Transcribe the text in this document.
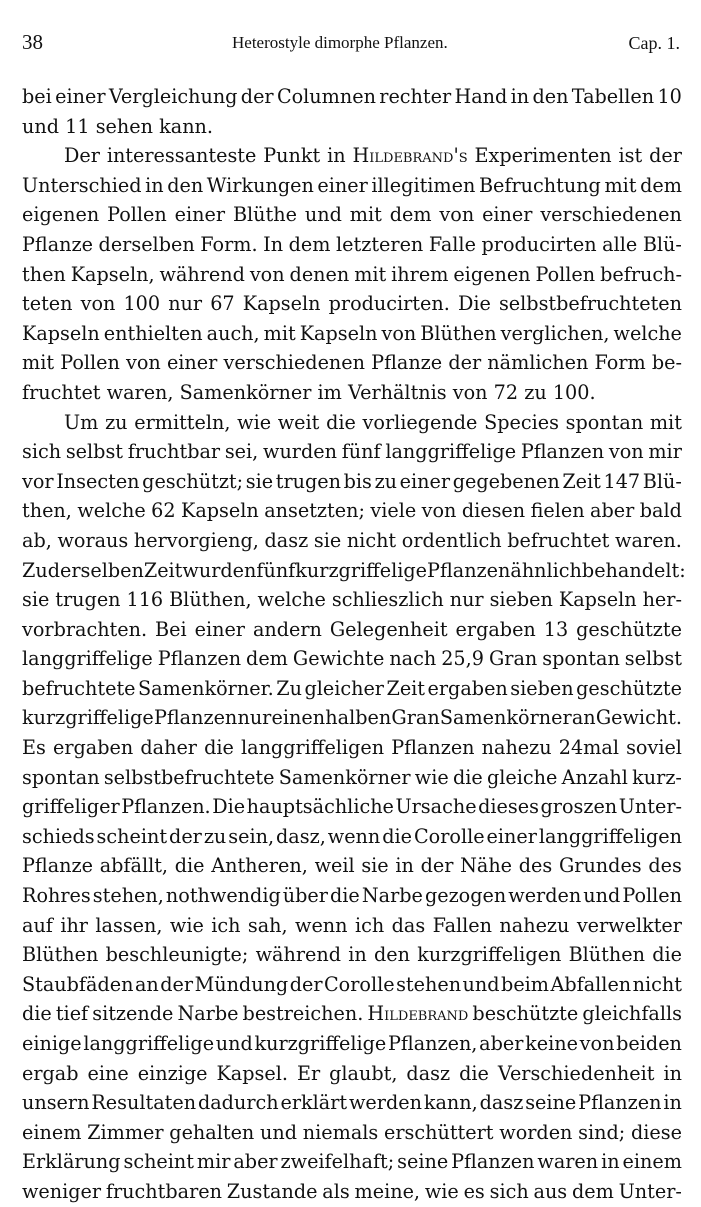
38	Heterostyle dimorphe Pflanzen.	Cap. 1.
bei einer Vergleichung der Columnen rechter Hand in den Tabellen 10
und 11 sehen kann.
Der interessanteste Punkt in Hildebrand's Experimenten ist der
Unterschied in den Wirkungen einer illegitimen Befruchtung mit dem
eigenen Pollen einer Blüthe und mit dem von einer verschiedenen
Pflanze derselben Form. In dem letzteren Falle producirten alle Blü-
then Kapseln, während von denen mit ihrem eigenen Pollen befruch-
teten von 100 nur 67 Kapseln producirten. Die selbstbefruchteten
Kapseln enthielten auch, mit Kapseln von Blüthen verglichen, welche
mit Pollen von einer verschiedenen Pflanze der nämlichen Form be-
fruchtet waren, Samenkörner im Verhältnis von 72 zu 100.
Um zu ermitteln, wie weit die vorliegende Species spontan mit
sich selbst fruchtbar sei, wurden fünf langgriffelige Pflanzen von mir
vor Insecten geschützt; sie trugen bis zu einer gegebenen Zeit 147 Blü-
then, welche 62 Kapseln ansetzten; viele von diesen fielen aber bald
ab, woraus hervorgieng, dasz sie nicht ordentlich befruchtet waren.
Zu derselben Zeit wurden fünf kurzgriffelige Pflanzen ähnlich behandelt:
sie trugen 116 Blüthen, welche schlieszlich nur sieben Kapseln her-
vorbrachten. Bei einer andern Gelegenheit ergaben 13 geschützte
langgriffelige Pflanzen dem Gewichte nach 25,9 Gran spontan selbst
befruchtete Samenkörner. Zu gleicher Zeit ergaben sieben geschützte
kurzgriffelige Pflanzen nur einen halben Gran Samenkörner an Gewicht.
Es ergaben daher die langgriffeligen Pflanzen nahezu 24mal soviel
spontan selbstbefruchtete Samenkörner wie die gleiche Anzahl kurz-
griffeliger Pflanzen. Die hauptsächliche Ursache dieses groszen Unter-
schieds scheint der zu sein, dasz, wenn die Corolle einer langgriffeligen
Pflanze abfällt, die Antheren, weil sie in der Nähe des Grundes des
Rohres stehen, nothwendig über die Narbe gezogen werden und Pollen
auf ihr lassen, wie ich sah, wenn ich das Fallen nahezu verwelkter
Blüthen beschleunigte; während in den kurzgriffeligen Blüthen die
Staubfäden an der Mündung der Corolle stehen und beim Abfallen nicht
die tief sitzende Narbe bestreichen. Hildebrand beschützte gleichfalls
einige langgriffelige und kurzgriffelige Pflanzen, aber keine von beiden
ergab eine einzige Kapsel. Er glaubt, dasz die Verschiedenheit in
unsern Resultaten dadurch erklärt werden kann, dasz seine Pflanzen in
einem Zimmer gehalten und niemals erschüttert worden sind; diese
Erklärung scheint mir aber zweifelhaft; seine Pflanzen waren in einem
weniger fruchtbaren Zustande als meine, wie es sich aus dem Unter-
